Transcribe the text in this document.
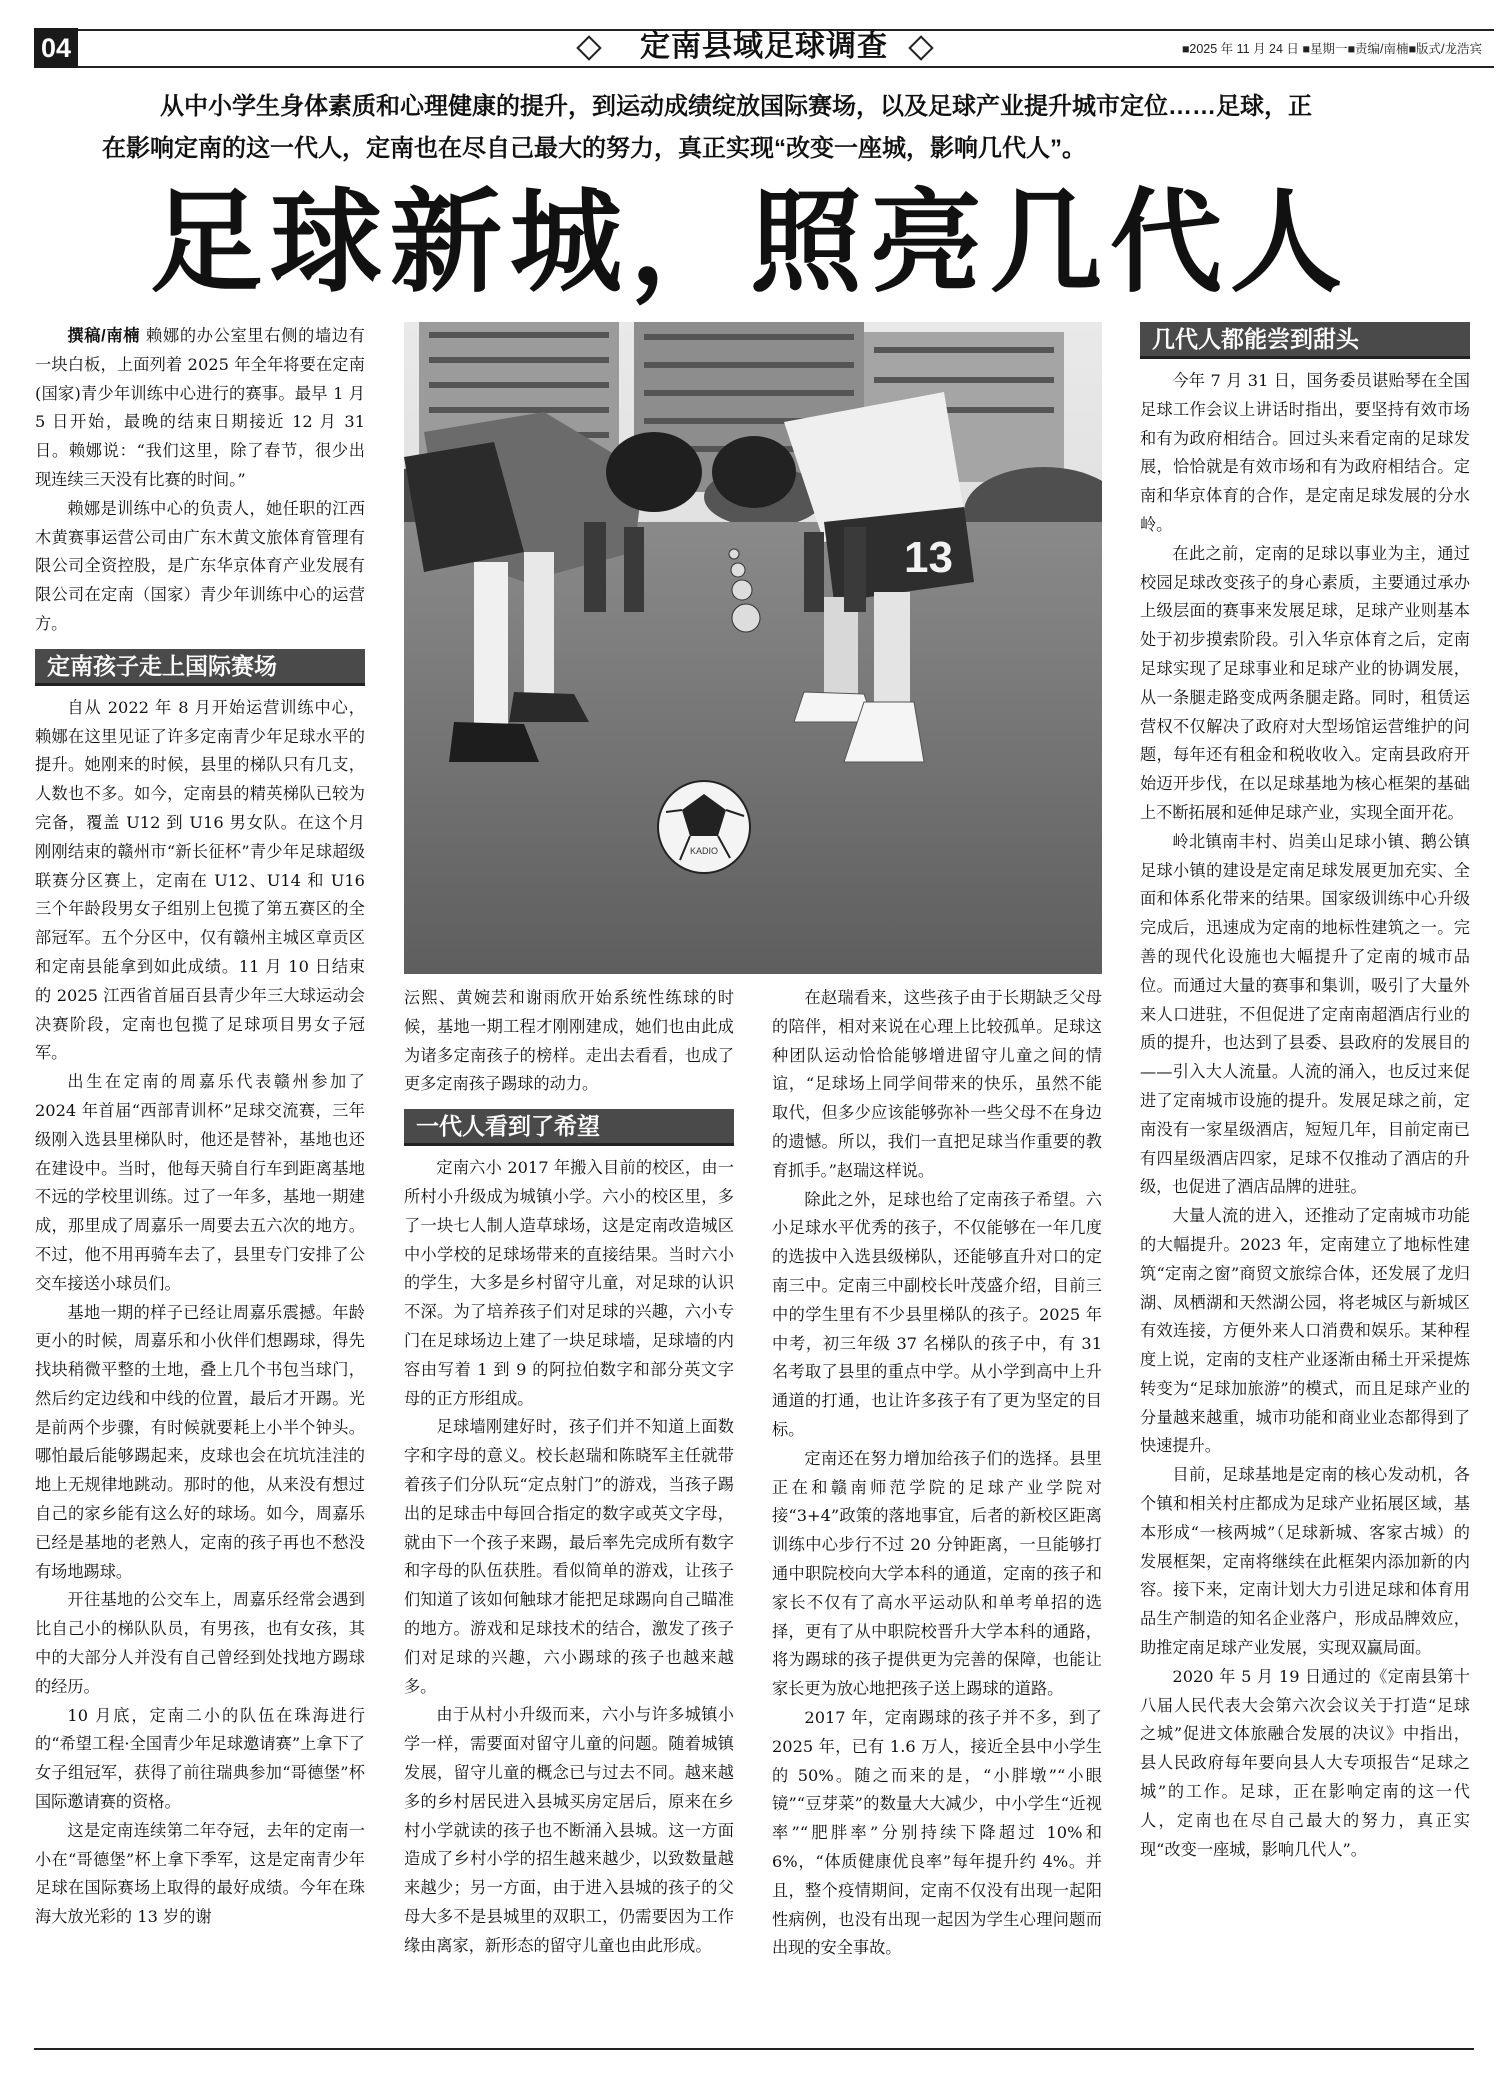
04	定南县域足球调查	■2025 年 11 月 24 日 ■星期一■责编/南楠■版式/龙浩宾
从中小学生身体素质和心理健康的提升，到运动成绩绽放国际赛场，以及足球产业提升城市定位……足球，正
在影响定南的这一代人，定南也在尽自己最大的努力，真正实现“改变一座城，影响几代人”。
足球新城，照亮几代人
13
KADIO

撰稿/南楠 赖娜的办公室里右侧的墙边有一块白板，上面列着 2025 年全年将要在定南(国家)青少年训练中心进行的赛事。最早 1 月 5 日开始，最晚的结束日期接近 12 月 31 日。赖娜说：“我们这里，除了春节，很少出现连续三天没有比赛的时间。”

赖娜是训练中心的负责人，她任职的江西木黄赛事运营公司由广东木黄文旅体育管理有限公司全资控股，是广东华京体育产业发展有限公司在定南（国家）青少年训练中心的运营方。

定南孩子走上国际赛场

自从 2022 年 8 月开始运营训练中心，赖娜在这里见证了许多定南青少年足球水平的提升。她刚来的时候，县里的梯队只有几支，人数也不多。如今，定南县的精英梯队已较为完备，覆盖 U12 到 U16 男女队。在这个月刚刚结束的赣州市“新长征杯”青少年足球超级联赛分区赛上，定南在 U12、U14 和 U16 三个年龄段男女子组别上包揽了第五赛区的全部冠军。五个分区中，仅有赣州主城区章贡区和定南县能拿到如此成绩。11 月 10 日结束的 2025 江西省首届百县青少年三大球运动会决赛阶段，定南也包揽了足球项目男女子冠军。

出生在定南的周嘉乐代表赣州参加了 2024 年首届“西部青训杯”足球交流赛，三年级刚入选县里梯队时，他还是替补，基地也还在建设中。当时，他每天骑自行车到距离基地不远的学校里训练。过了一年多，基地一期建成，那里成了周嘉乐一周要去五六次的地方。不过，他不用再骑车去了，县里专门安排了公交车接送小球员们。

基地一期的样子已经让周嘉乐震撼。年龄更小的时候，周嘉乐和小伙伴们想踢球，得先找块稍微平整的土地，叠上几个书包当球门，然后约定边线和中线的位置，最后才开踢。光是前两个步骤，有时候就要耗上小半个钟头。哪怕最后能够踢起来，皮球也会在坑坑洼洼的地上无规律地跳动。那时的他，从来没有想过自己的家乡能有这么好的球场。如今，周嘉乐已经是基地的老熟人，定南的孩子再也不愁没有场地踢球。

开往基地的公交车上，周嘉乐经常会遇到比自己小的梯队队员，有男孩，也有女孩，其中的大部分人并没有自己曾经到处找地方踢球的经历。

10 月底，定南二小的队伍在珠海进行的“希望工程·全国青少年足球邀请赛”上拿下了女子组冠军，获得了前往瑞典参加“哥德堡”杯国际邀请赛的资格。

这是定南连续第二年夺冠，去年的定南一小在“哥德堡”杯上拿下季军，这是定南青少年足球在国际赛场上取得的最好成绩。今年在珠海大放光彩的 13 岁的谢

沄熙、黄婉芸和谢雨欣开始系统性练球的时候，基地一期工程才刚刚建成，她们也由此成为诸多定南孩子的榜样。走出去看看，也成了更多定南孩子踢球的动力。

一代人看到了希望

定南六小 2017 年搬入目前的校区，由一所村小升级成为城镇小学。六小的校区里，多了一块七人制人造草球场，这是定南改造城区中小学校的足球场带来的直接结果。当时六小的学生，大多是乡村留守儿童，对足球的认识不深。为了培养孩子们对足球的兴趣，六小专门在足球场边上建了一块足球墙，足球墙的内容由写着 1 到 9 的阿拉伯数字和部分英文字母的正方形组成。

足球墙刚建好时，孩子们并不知道上面数字和字母的意义。校长赵瑞和陈晓军主任就带着孩子们分队玩“定点射门”的游戏，当孩子踢出的足球击中每回合指定的数字或英文字母，就由下一个孩子来踢，最后率先完成所有数字和字母的队伍获胜。看似简单的游戏，让孩子们知道了该如何触球才能把足球踢向自己瞄准的地方。游戏和足球技术的结合，激发了孩子们对足球的兴趣，六小踢球的孩子也越来越多。

由于从村小升级而来，六小与许多城镇小学一样，需要面对留守儿童的问题。随着城镇发展，留守儿童的概念已与过去不同。越来越多的乡村居民进入县城买房定居后，原来在乡村小学就读的孩子也不断涌入县城。这一方面造成了乡村小学的招生越来越少，以致数量越来越少；另一方面，由于进入县城的孩子的父母大多不是县城里的双职工，仍需要因为工作缘由离家，新形态的留守儿童也由此形成。

在赵瑞看来，这些孩子由于长期缺乏父母的陪伴，相对来说在心理上比较孤单。足球这种团队运动恰恰能够增进留守儿童之间的情谊，“足球场上同学间带来的快乐，虽然不能取代，但多少应该能够弥补一些父母不在身边的遗憾。所以，我们一直把足球当作重要的教育抓手。”赵瑞这样说。

除此之外，足球也给了定南孩子希望。六小足球水平优秀的孩子，不仅能够在一年几度的选拔中入选县级梯队，还能够直升对口的定南三中。定南三中副校长叶茂盛介绍，目前三中的学生里有不少县里梯队的孩子。2025 年中考，初三年级 37 名梯队的孩子中，有 31 名考取了县里的重点中学。从小学到高中上升通道的打通，也让许多孩子有了更为坚定的目标。

定南还在努力增加给孩子们的选择。县里正在和赣南师范学院的足球产业学院对接“3+4”政策的落地事宜，后者的新校区距离训练中心步行不过 20 分钟距离，一旦能够打通中职院校向大学本科的通道，定南的孩子和家长不仅有了高水平运动队和单考单招的选择，更有了从中职院校晋升大学本科的通路，将为踢球的孩子提供更为完善的保障，也能让家长更为放心地把孩子送上踢球的道路。

2017 年，定南踢球的孩子并不多，到了 2025 年，已有 1.6 万人，接近全县中小学生的 50%。随之而来的是，“小胖墩”“小眼镜”“豆芽菜”的数量大大减少，中小学生“近视率”“肥胖率”分别持续下降超过 10%和 6%，“体质健康优良率”每年提升约 4%。并且，整个疫情期间，定南不仅没有出现一起阳性病例，也没有出现一起因为学生心理问题而出现的安全事故。

几代人都能尝到甜头

今年 7 月 31 日，国务委员谌贻琴在全国足球工作会议上讲话时指出，要坚持有效市场和有为政府相结合。回过头来看定南的足球发展，恰恰就是有效市场和有为政府相结合。定南和华京体育的合作，是定南足球发展的分水岭。

在此之前，定南的足球以事业为主，通过校园足球改变孩子的身心素质，主要通过承办上级层面的赛事来发展足球，足球产业则基本处于初步摸索阶段。引入华京体育之后，定南足球实现了足球事业和足球产业的协调发展，从一条腿走路变成两条腿走路。同时，租赁运营权不仅解决了政府对大型场馆运营维护的问题，每年还有租金和税收收入。定南县政府开始迈开步伐，在以足球基地为核心框架的基础上不断拓展和延伸足球产业，实现全面开花。

岭北镇南丰村、岿美山足球小镇、鹅公镇足球小镇的建设是定南足球发展更加充实、全面和体系化带来的结果。国家级训练中心升级完成后，迅速成为定南的地标性建筑之一。完善的现代化设施也大幅提升了定南的城市品位。而通过大量的赛事和集训，吸引了大量外来人口进驻，不但促进了定南南超酒店行业的质的提升，也达到了县委、县政府的发展目的——引入大人流量。人流的涌入，也反过来促进了定南城市设施的提升。发展足球之前，定南没有一家星级酒店，短短几年，目前定南已有四星级酒店四家，足球不仅推动了酒店的升级，也促进了酒店品牌的进驻。

大量人流的进入，还推动了定南城市功能的大幅提升。2023 年，定南建立了地标性建筑“定南之窗”商贸文旅综合体，还发展了龙归湖、凤栖湖和天然湖公园，将老城区与新城区有效连接，方便外来人口消费和娱乐。某种程度上说，定南的支柱产业逐渐由稀土开采提炼转变为“足球加旅游”的模式，而且足球产业的分量越来越重，城市功能和商业业态都得到了快速提升。

目前，足球基地是定南的核心发动机，各个镇和相关村庄都成为足球产业拓展区域，基本形成“一核两城”（足球新城、客家古城）的发展框架，定南将继续在此框架内添加新的内容。接下来，定南计划大力引进足球和体育用品生产制造的知名企业落户，形成品牌效应，助推定南足球产业发展，实现双赢局面。

2020 年 5 月 19 日通过的《定南县第十八届人民代表大会第六次会议关于打造“足球之城”促进文体旅融合发展的决议》中指出，县人民政府每年要向县人大专项报告“足球之城”的工作。足球，正在影响定南的这一代人，定南也在尽自己最大的努力，真正实现“改变一座城，影响几代人”。
